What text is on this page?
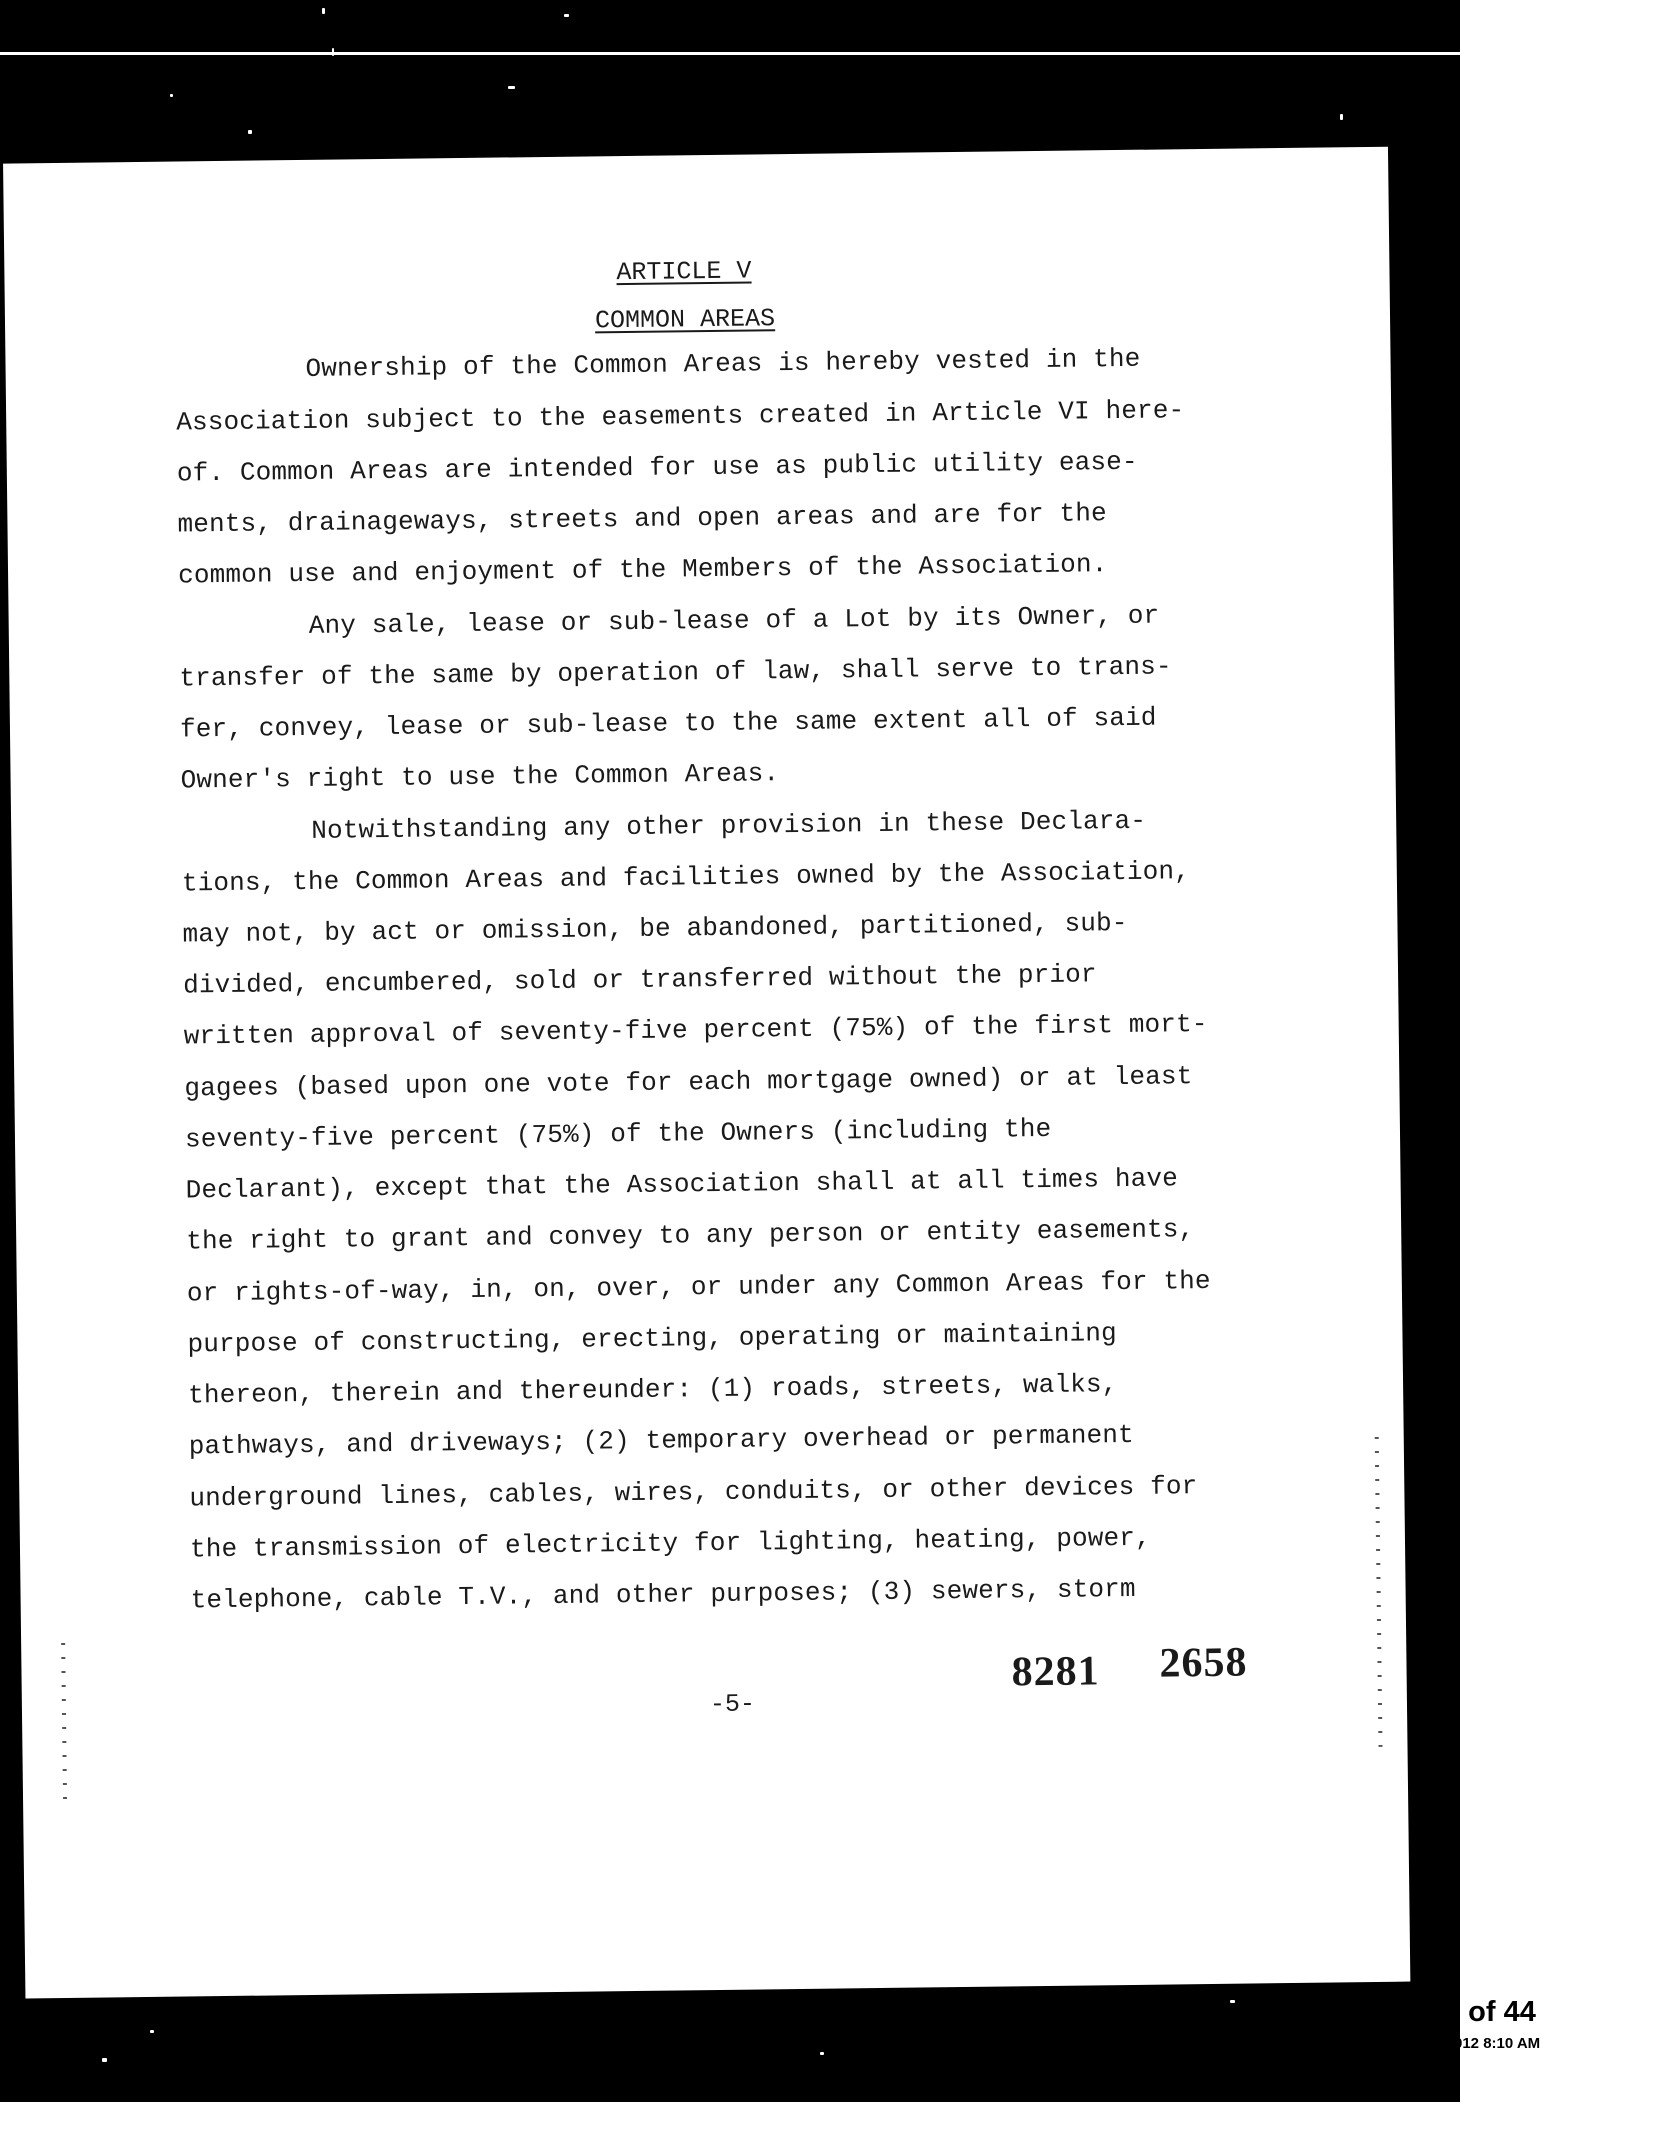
ARTICLE V
COMMON AREAS
Ownership of the Common Areas is hereby vested in the
Association subject to the easements created in Article VI here-
of. Common Areas are intended for use as public utility ease-
ments, drainageways, streets and open areas and are for the
common use and enjoyment of the Members of the Association.
Any sale, lease or sub-lease of a Lot by its Owner, or
transfer of the same by operation of law, shall serve to trans-
fer, convey, lease or sub-lease to the same extent all of said
Owner's right to use the Common Areas.
Notwithstanding any other provision in these Declara-
tions, the Common Areas and facilities owned by the Association,
may not, by act or omission, be abandoned, partitioned, sub-
divided, encumbered, sold or transferred without the prior
written approval of seventy-five percent (75%) of the first mort-
gagees (based upon one vote for each mortgage owned) or at least
seventy-five percent (75%) of the Owners (including the
Declarant), except that the Association shall at all times have
the right to grant and convey to any person or entity easements,
or rights-of-way, in, on, over, or under any Common Areas for the
purpose of constructing, erecting, operating or maintaining
thereon, therein and thereunder: (1) roads, streets, walks,
pathways, and driveways; (2) temporary overhead or permanent
underground lines, cables, wires, conduits, or other devices for
the transmission of electricity for lighting, heating, power,
telephone, cable T.V., and other purposes; (3) sewers, storm
8281 2658
-5-
0 of 44
012 8:10 AM
